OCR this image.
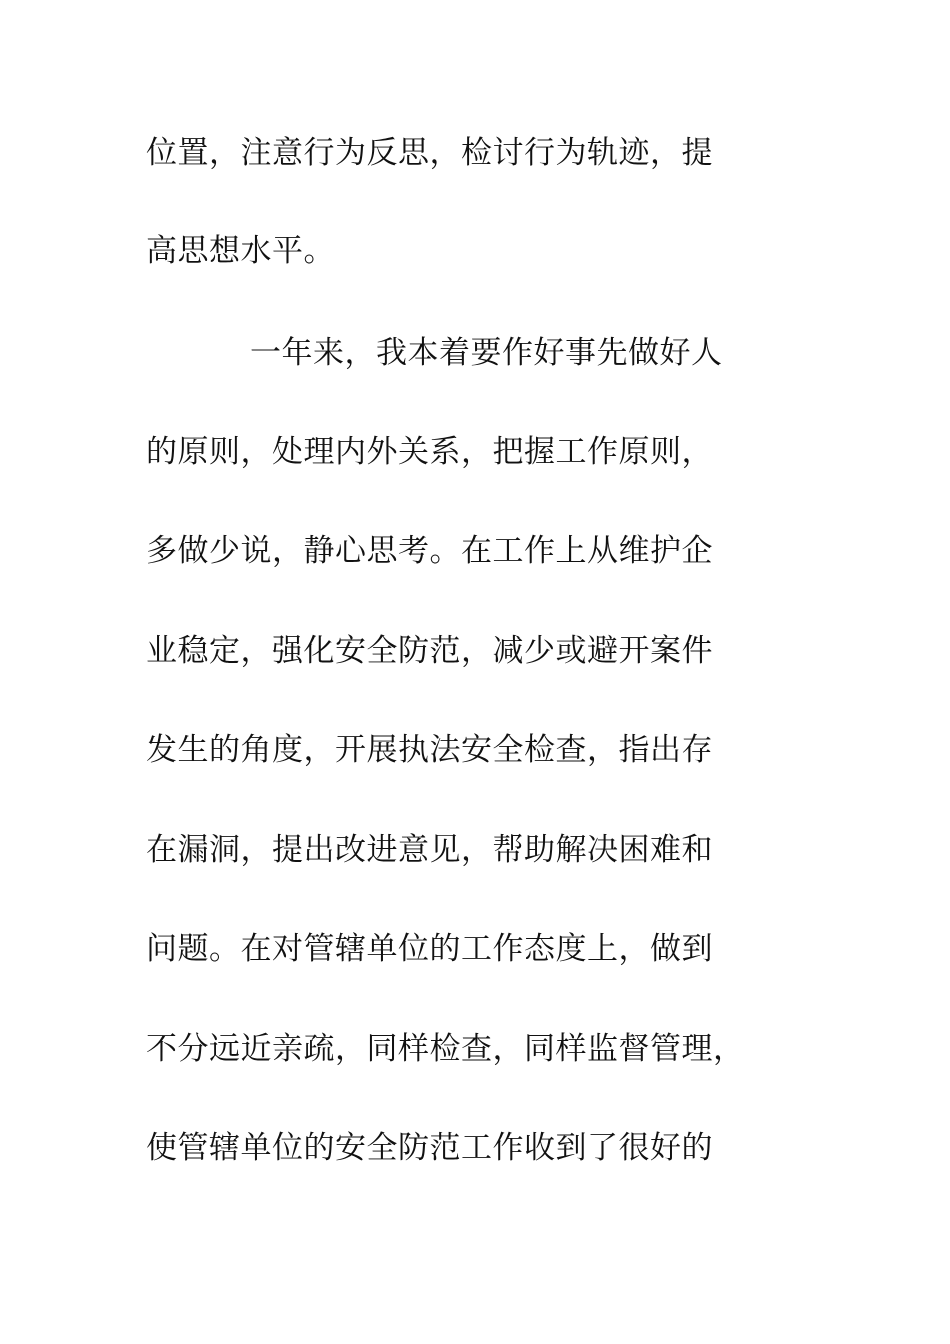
位置，注意行为反思，检讨行为轨迹，提
高思想水平。
一年来，我本着要作好事先做好人
的原则，处理内外关系，把握工作原则，
多做少说，静心思考。在工作上从维护企
业稳定，强化安全防范，减少或避开案件
发生的角度，开展执法安全检查，指出存
在漏洞，提出改进意见，帮助解决困难和
问题。在对管辖单位的工作态度上，做到
不分远近亲疏，同样检查，同样监督管理，
使管辖单位的安全防范工作收到了很好的
